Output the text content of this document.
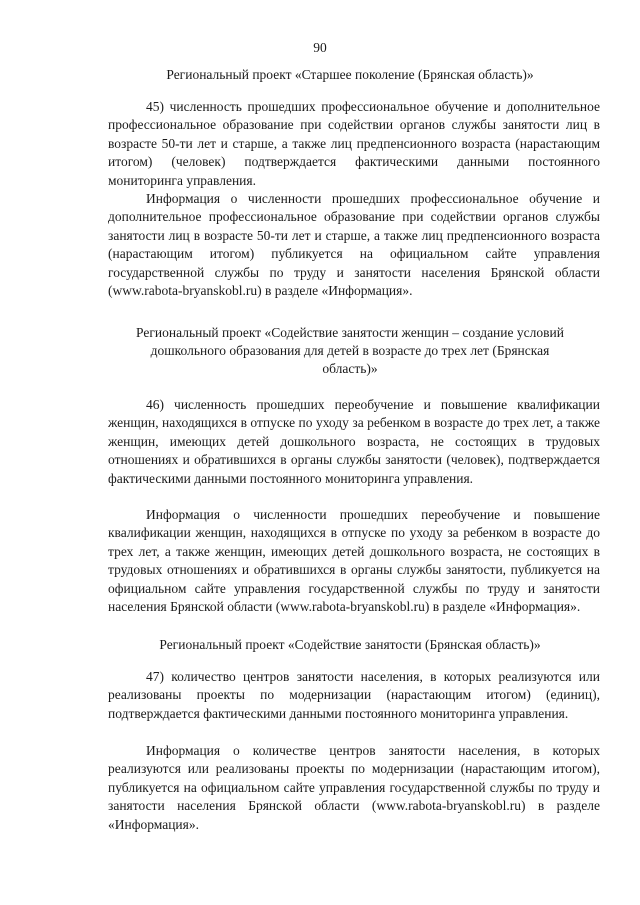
90
Региональный проект «Старшее поколение (Брянская область)»
45) численность прошедших профессиональное обучение и дополнительное профессиональное образование при содействии органов службы занятости лиц в возрасте 50-ти лет и старше, а также лиц предпенсионного возраста (нарастающим итогом) (человек) подтверждается фактическими данными постоянного мониторинга управления.
Информация о численности прошедших профессиональное обучение и дополнительное профессиональное образование при содействии органов службы занятости лиц в возрасте 50-ти лет и старше, а также лиц предпенсионного возраста (нарастающим итогом) публикуется на официальном сайте управления государственной службы по труду и занятости населения Брянской области (www.rabota-bryanskobl.ru) в разделе «Информация».
Региональный проект «Содействие занятости женщин – создание условий дошкольного образования для детей в возрасте до трех лет (Брянская область)»
46) численность прошедших переобучение и повышение квалификации женщин, находящихся в отпуске по уходу за ребенком в возрасте до трех лет, а также женщин, имеющих детей дошкольного возраста, не состоящих в трудовых отношениях и обратившихся в органы службы занятости (человек), подтверждается фактическими данными постоянного мониторинга управления.
Информация о численности прошедших переобучение и повышение квалификации женщин, находящихся в отпуске по уходу за ребенком в возрасте до трех лет, а также женщин, имеющих детей дошкольного возраста, не состоящих в трудовых отношениях и обратившихся в органы службы занятости, публикуется на официальном сайте управления государственной службы по труду и занятости населения Брянской области (www.rabota-bryanskobl.ru) в разделе «Информация».
Региональный проект «Содействие занятости (Брянская область)»
47) количество центров занятости населения, в которых реализуются или реализованы проекты по модернизации (нарастающим итогом) (единиц), подтверждается фактическими данными постоянного мониторинга управления.
Информация о количестве центров занятости населения, в которых реализуются или реализованы проекты по модернизации (нарастающим итогом), публикуется на официальном сайте управления государственной службы по труду и занятости населения Брянской области (www.rabota-bryanskobl.ru) в разделе «Информация».
